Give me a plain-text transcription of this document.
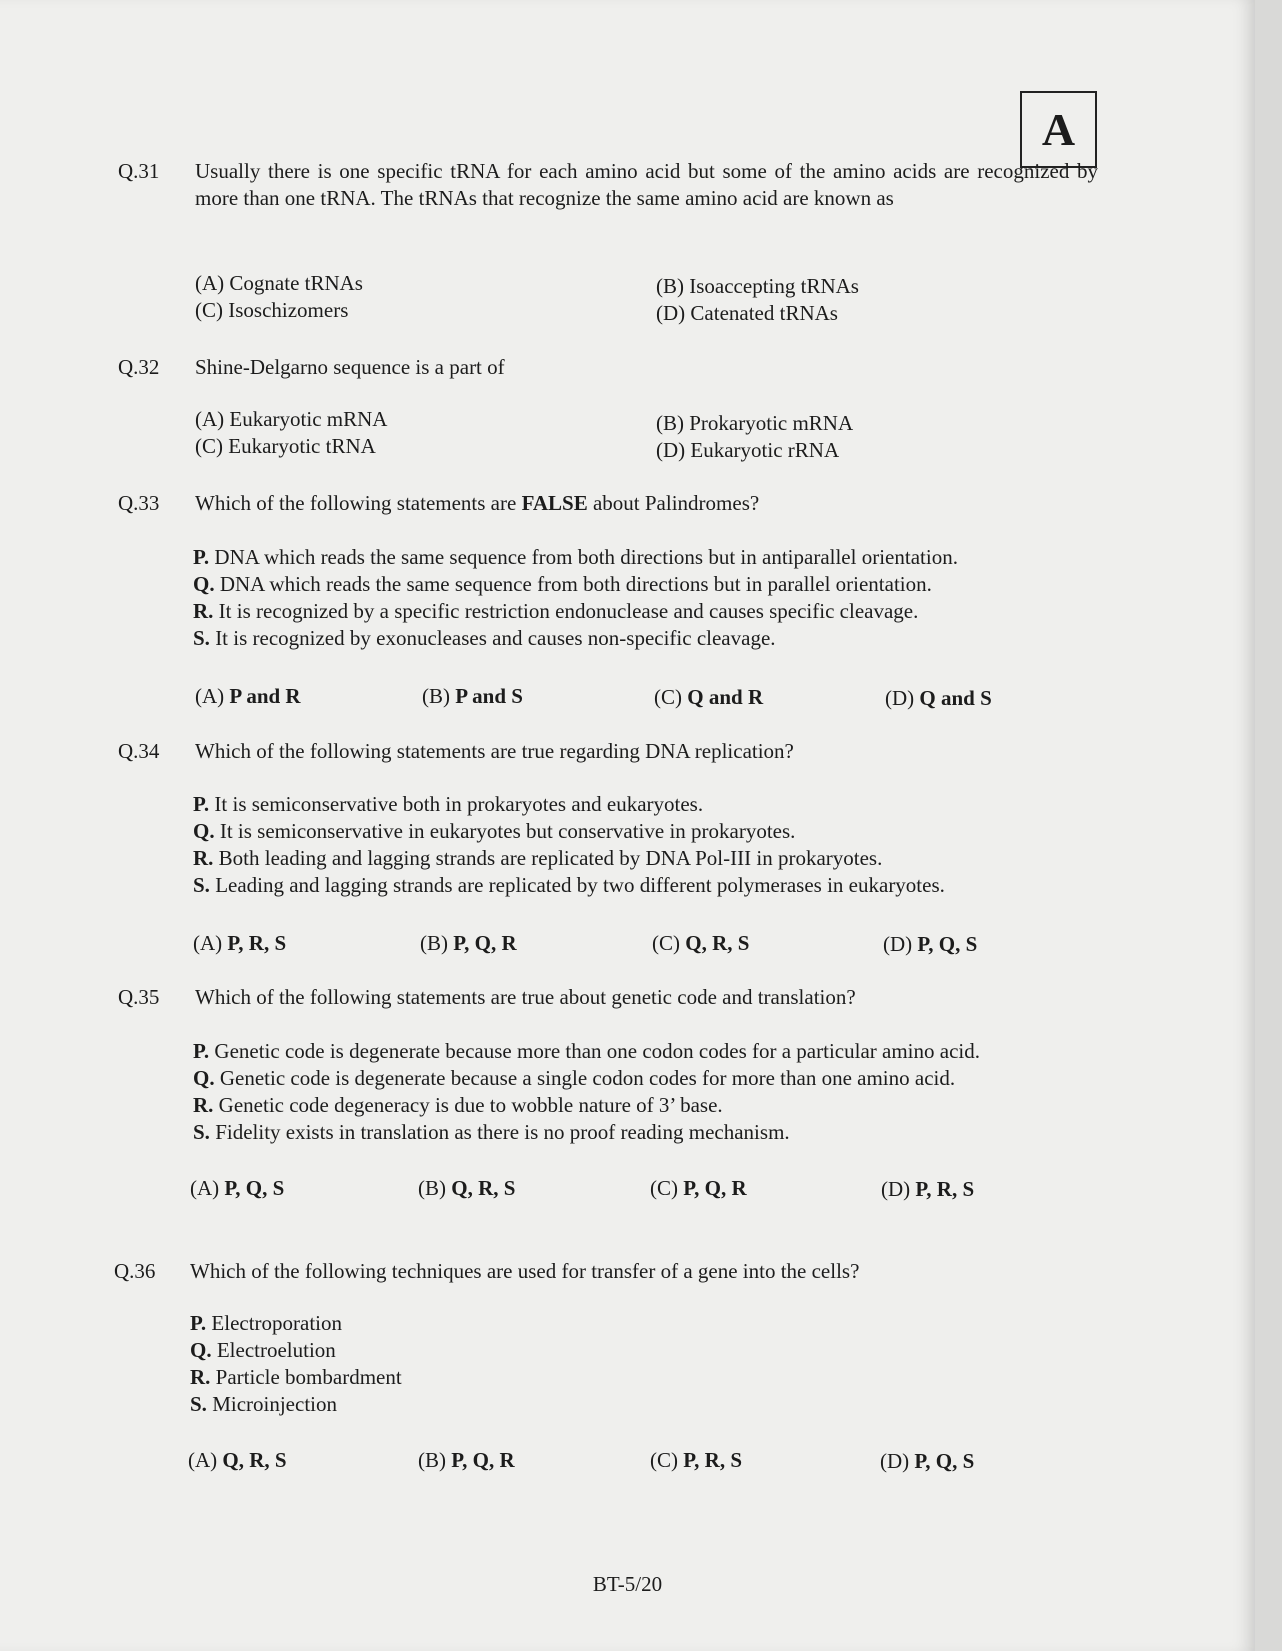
A
Q.31 Usually there is one specific tRNA for each amino acid but some of the amino acids are recognized by more than one tRNA. The tRNAs that recognize the same amino acid are known as
(A) Cognate tRNAs	(B) Isoaccepting tRNAs
(C) Isoschizomers	(D) Catenated tRNAs
Q.32 Shine-Delgarno sequence is a part of
(A) Eukaryotic mRNA	(B) Prokaryotic mRNA
(C) Eukaryotic tRNA	(D) Eukaryotic rRNA
Q.33 Which of the following statements are FALSE about Palindromes?
P. DNA which reads the same sequence from both directions but in antiparallel orientation.
Q. DNA which reads the same sequence from both directions but in parallel orientation.
R. It is recognized by a specific restriction endonuclease and causes specific cleavage.
S. It is recognized by exonucleases and causes non-specific cleavage.
(A) P and R	(B) P and S	(C) Q and R	(D) Q and S
Q.34 Which of the following statements are true regarding DNA replication?
P. It is semiconservative both in prokaryotes and eukaryotes.
Q. It is semiconservative in eukaryotes but conservative in prokaryotes.
R. Both leading and lagging strands are replicated by DNA Pol-III in prokaryotes.
S. Leading and lagging strands are replicated by two different polymerases in eukaryotes.
(A) P, R, S	(B) P, Q, R	(C) Q, R, S	(D) P, Q, S
Q.35 Which of the following statements are true about genetic code and translation?
P. Genetic code is degenerate because more than one codon codes for a particular amino acid.
Q. Genetic code is degenerate because a single codon codes for more than one amino acid.
R. Genetic code degeneracy is due to wobble nature of 3’ base.
S. Fidelity exists in translation as there is no proof reading mechanism.
(A) P, Q, S	(B) Q, R, S	(C) P, Q, R	(D) P, R, S
Q.36 Which of the following techniques are used for transfer of a gene into the cells?
P. Electroporation
Q. Electroelution
R. Particle bombardment
S. Microinjection
(A) Q, R, S	(B) P, Q, R	(C) P, R, S	(D) P, Q, S
BT-5/20
